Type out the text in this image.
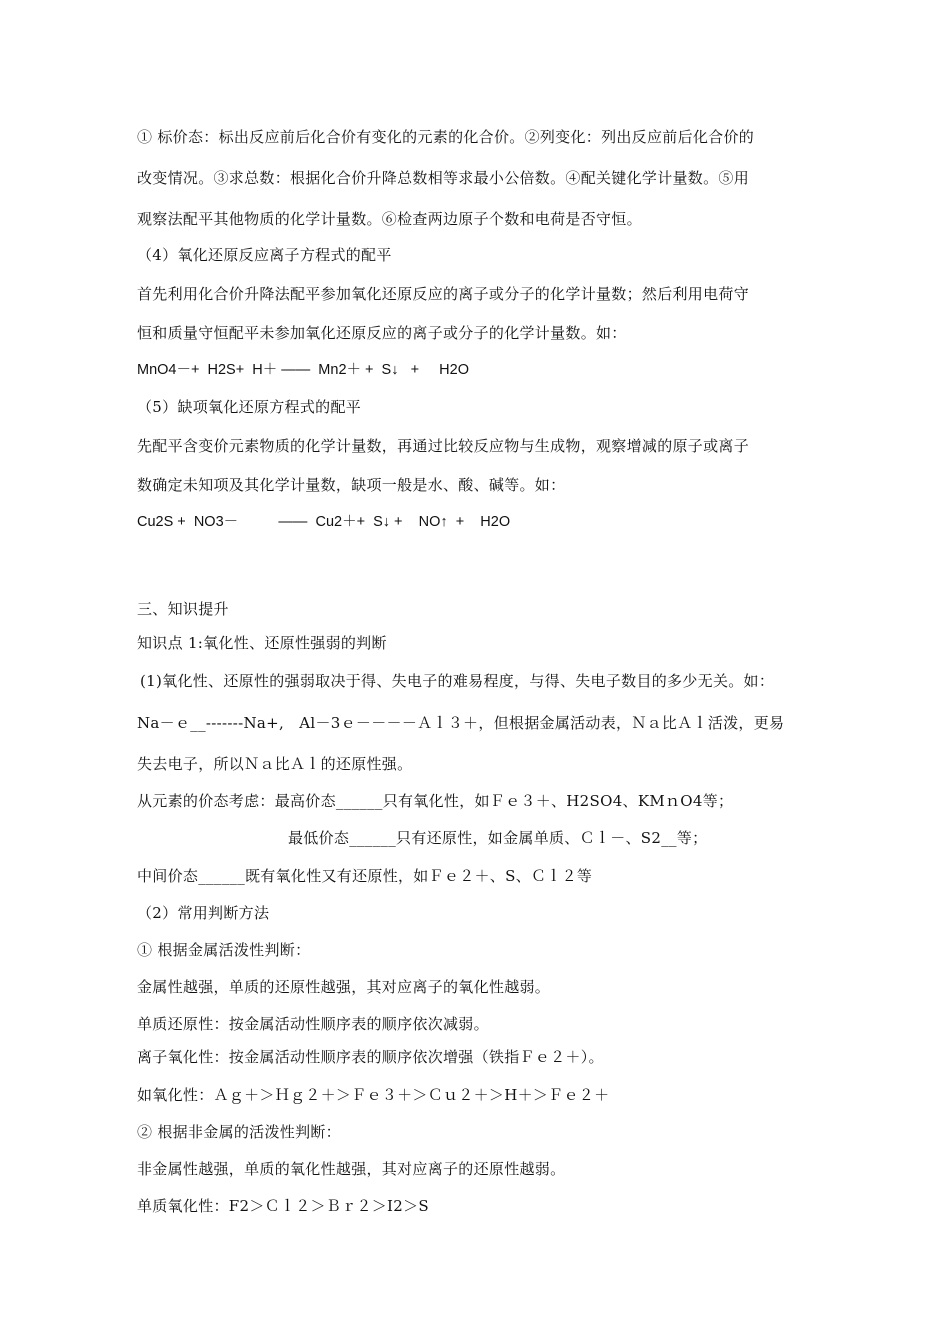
① 标价态：标出反应前后化合价有变化的元素的化合价。②列变化：列出反应前后化合价的
改变情况。③求总数：根据化合价升降总数相等求最小公倍数。④配关键化学计量数。⑤用
观察法配平其他物质的化学计量数。⑥检查两边原子个数和电荷是否守恒。
（4）氧化还原反应离子方程式的配平
首先利用化合价升降法配平参加氧化还原反应的离子或分子的化学计量数；然后利用电荷守
恒和质量守恒配平未参加氧化还原反应的离子或分子的化学计量数。如：
MnO4－+  H2S+  H＋ ——  Mn2＋ +  S↓   +     H2O
（5）缺项氧化还原方程式的配平
先配平含变价元素物质的化学计量数，再通过比较反应物与生成物，观察增减的原子或离子
数确定未知项及其化学计量数，缺项一般是水、酸、碱等。如：
Cu2S +  NO3－          ——  Cu2＋+  S↓ +    NO↑  +    H2O
三、知识提升
知识点 1:氧化性、还原性强弱的判断
(1)氧化性、还原性的强弱取决于得、失电子的难易程度，与得、失电子数目的多少无关。如：
Na－ｅ__-------Na+,   Al－3ｅ－－－－Ａｌ３＋，但根据金属活动表，Ｎａ比Ａｌ活泼，更易
失去电子，所以Ｎａ比Ａｌ的还原性强。
从元素的价态考虑：最高价态______只有氧化性，如Ｆｅ３＋、H2SO4、KMｎO4等；
最低价态______只有还原性，如金属单质、Ｃｌ－、S2__等；
中间价态______既有氧化性又有还原性，如Ｆｅ２＋、S、Ｃｌ２等
（2）常用判断方法
① 根据金属活泼性判断：
金属性越强，单质的还原性越强，其对应离子的氧化性越弱。
单质还原性：按金属活动性顺序表的顺序依次减弱。
离子氧化性：按金属活动性顺序表的顺序依次增强（铁指Ｆｅ２＋）。
如氧化性：Ａｇ＋＞Ｈｇ２＋＞Ｆｅ３＋＞Ｃｕ２＋＞H＋＞Ｆｅ２＋
② 根据非金属的活泼性判断：
非金属性越强，单质的氧化性越强，其对应离子的还原性越弱。
单质氧化性：F2＞Ｃｌ２＞Ｂｒ２＞I2＞S
